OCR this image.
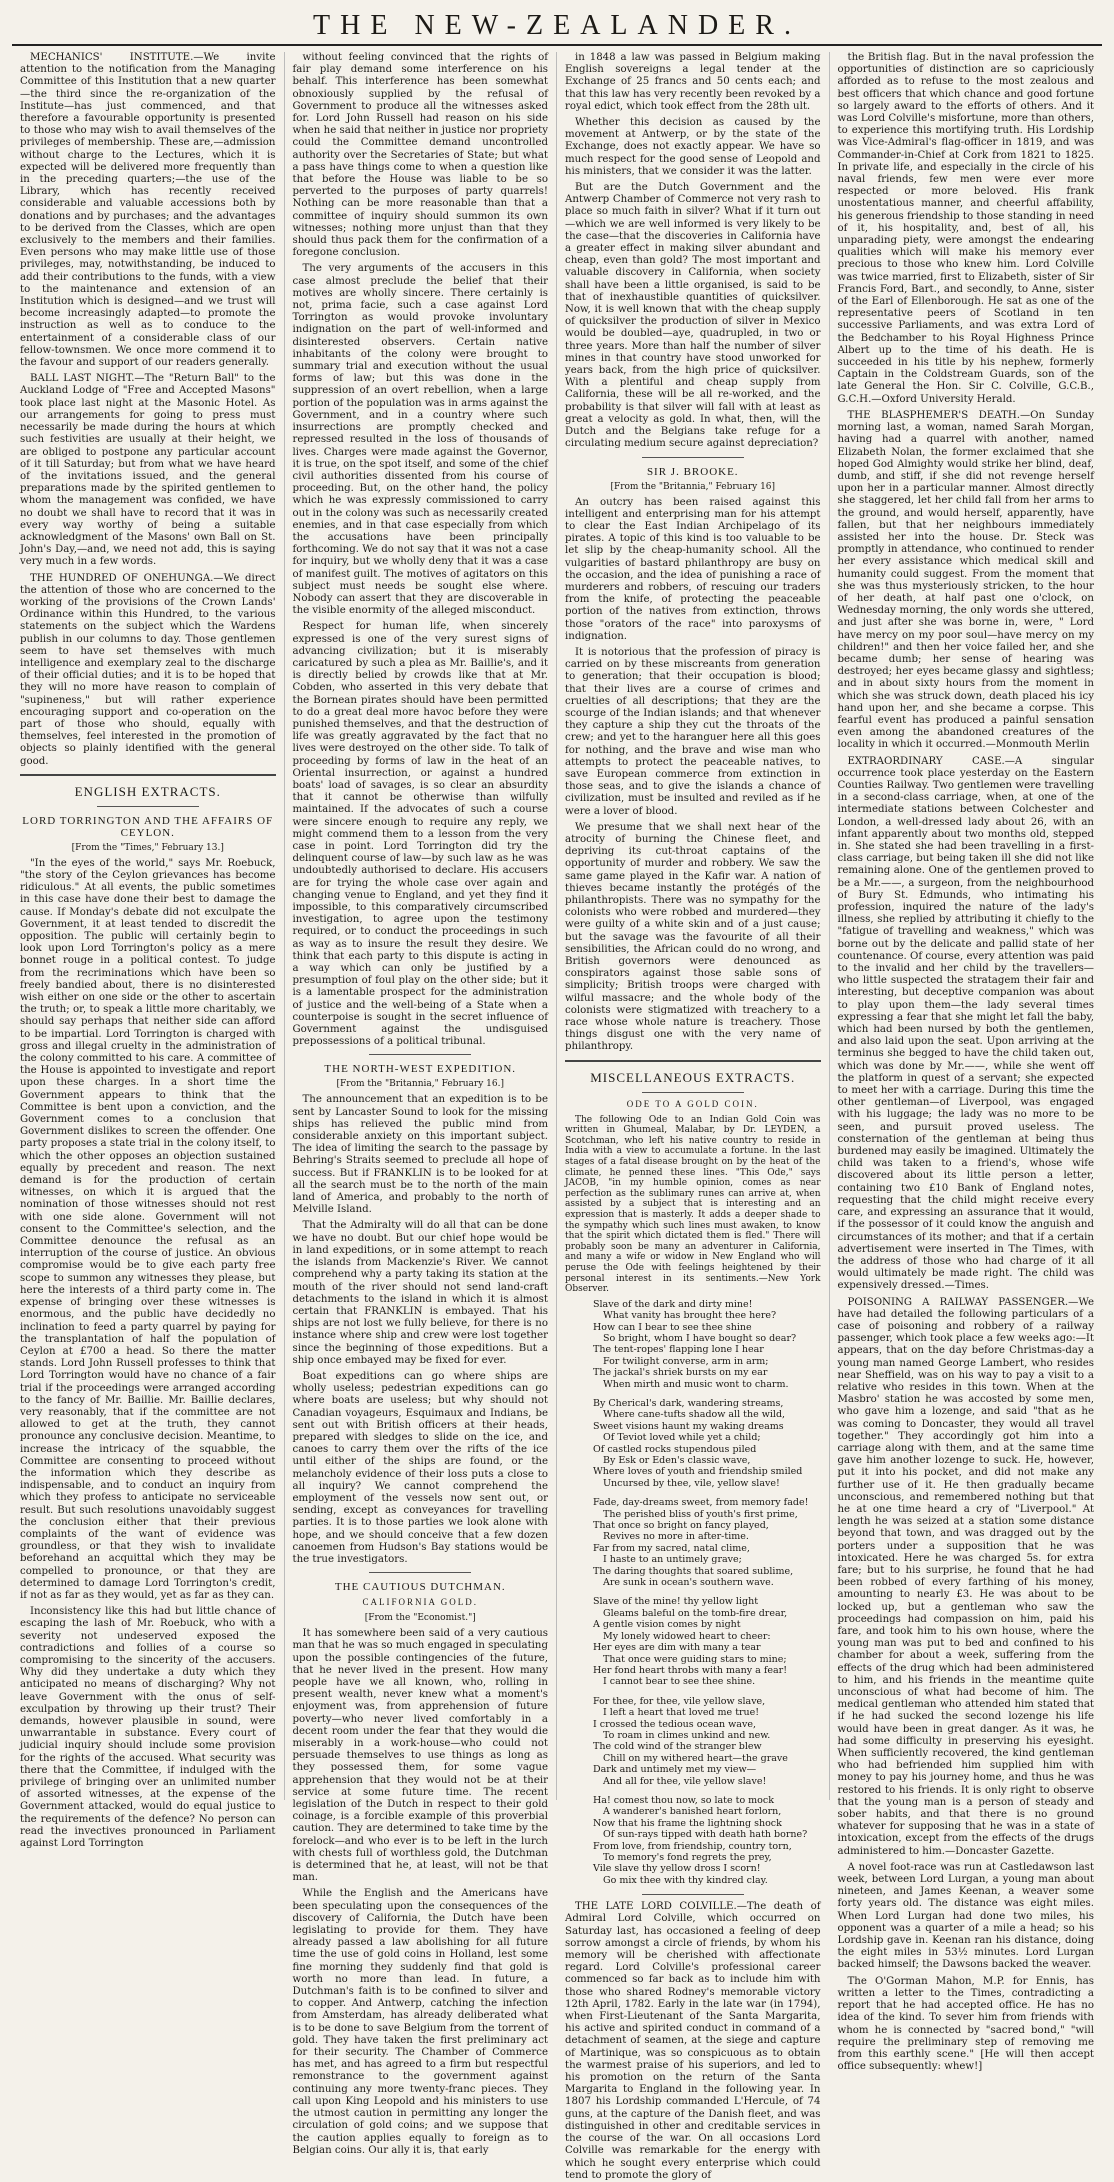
THE NEW-ZEALANDER.

MECHANICS' INSTITUTE.—We invite attention to the notification from the Managing Committee of this Institution that a new quarter—the third since the re-organization of the Institute—has just commenced, and that therefore a favourable opportunity is presented to those who may wish to avail themselves of the privileges of membership. These are,—admission without charge to the Lectures, which it is expected will be delivered more frequently than in the preceding quarters;—the use of the Library, which has recently received considerable and valuable accessions both by donations and by purchases; and the advantages to be derived from the Classes, which are open exclusively to the members and their families. Even persons who may make little use of those privileges, may, notwithstanding, be induced to add their contributions to the funds, with a view to the maintenance and extension of an Institution which is designed—and we trust will become increasingly adapted—to promote the instruction as well as to conduce to the entertainment of a considerable class of our fellow-townsmen. We once more commend it to the favour and support of our readers generally.

BALL LAST NIGHT.—The "Return Ball" to the Auckland Lodge of "Free and Accepted Masons" took place last night at the Masonic Hotel. As our arrangements for going to press must necessarily be made during the hours at which such festivities are usually at their height, we are obliged to postpone any particular account of it till Saturday; but from what we have heard of the invitations issued, and the general preparations made by the spirited gentlemen to whom the management was confided, we have no doubt we shall have to record that it was in every way worthy of being a suitable acknowledgment of the Masons' own Ball on St. John's Day,—and, we need not add, this is saying very much in a few words.

THE HUNDRED OF ONEHUNGA.—We direct the attention of those who are concerned to the working of the provisions of the Crown Lands' Ordinance within this Hundred, to the various statements on the subject which the Wardens publish in our columns to day. Those gentlemen seem to have set themselves with much intelligence and exemplary zeal to the discharge of their official duties; and it is to be hoped that they will no more have reason to complain of "supineness," but will rather experience encouraging support and co-operation on the part of those who should, equally with themselves, feel interested in the promotion of objects so plainly identified with the general good.

ENGLISH EXTRACTS.
LORD TORRINGTON AND THE AFFAIRS OF CEYLON.
[From the "Times," February 13.]

"In the eyes of the world," says Mr. Roebuck, "the story of the Ceylon grievances has become ridiculous." At all events, the public sometimes in this case have done their best to damage the cause. If Monday's debate did not exculpate the Government, it at least tended to discredit the opposition. The public will certainly begin to look upon Lord Torrington's policy as a mere bonnet rouge in a political contest. To judge from the recriminations which have been so freely bandied about, there is no disinterested wish either on one side or the other to ascertain the truth; or, to speak a little more charitably, we should say perhaps that neither side can afford to be impartial. Lord Torrington is charged with gross and illegal cruelty in the administration of the colony committed to his care. A committee of the House is appointed to investigate and report upon these charges. In a short time the Government appears to think that the Committee is bent upon a conviction, and the Government comes to a conclusion that Government dislikes to screen the offender. One party proposes a state trial in the colony itself, to which the other opposes an objection sustained equally by precedent and reason. The next demand is for the production of certain witnesses, on which it is argued that the nomination of those witnesses should not rest with one side alone. Government will not consent to the Committee's selection, and the Committee denounce the refusal as an interruption of the course of justice. An obvious compromise would be to give each party free scope to summon any witnesses they please, but here the interests of a third party come in. The expense of bringing over these witnesses is enormous, and the public have decidedly no inclination to feed a party quarrel by paying for the transplantation of half the population of Ceylon at £700 a head. So there the matter stands. Lord John Russell professes to think that Lord Torrington would have no chance of a fair trial if the proceedings were arranged according to the fancy of Mr. Baillie. Mr. Baillie declares, very reasonably, that if the committee are not allowed to get at the truth, they cannot pronounce any conclusive decision. Meantime, to increase the intricacy of the squabble, the Committee are consenting to proceed without the information which they describe as indispensable, and to conduct an inquiry from which they profess to anticipate no serviceable result. But such resolutions unavoidably suggest the conclusion either that their previous complaints of the want of evidence was groundless, or that they wish to invalidate beforehand an acquittal which they may be compelled to pronounce, or that they are determined to damage Lord Torrington's credit, if not as far as they would, yet as far as they can.

Inconsistency like this had but little chance of escaping the lash of Mr. Roebuck, who with a severity not undeserved exposed the contradictions and follies of a course so compromising to the sincerity of the accusers. Why did they undertake a duty which they anticipated no means of discharging? Why not leave Government with the onus of self-exculpation by throwing up their trust? Their demands, however plausible in sound, were unwarrantable in substance. Every court of judicial inquiry should include some provision for the rights of the accused. What security was there that the Committee, if indulged with the privilege of bringing over an unlimited number of assorted witnesses, at the expense of the Government attacked, would do equal justice to the requirements of the defence? No person can read the invectives pronounced in Parliament against Lord Torrington

without feeling convinced that the rights of fair play demand some interference on his behalf. This interference has been somewhat obnoxiously supplied by the refusal of Government to produce all the witnesses asked for. Lord John Russell had reason on his side when he said that neither in justice nor propriety could the Committee demand uncontrolled authority over the Secretaries of State; but what a pass have things come to when a question like that before the House was liable to be so perverted to the purposes of party quarrels! Nothing can be more reasonable than that a committee of inquiry should summon its own witnesses; nothing more unjust than that they should thus pack them for the confirmation of a foregone conclusion.

The very arguments of the accusers in this case almost preclude the belief that their motives are wholly sincere. There certainly is not, prima facie, such a case against Lord Torrington as would provoke involuntary indignation on the part of well-informed and disinterested observers. Certain native inhabitants of the colony were brought to summary trial and execution without the usual forms of law; but this was done in the suppression of an overt rebellion, when a large portion of the population was in arms against the Government, and in a country where such insurrections are promptly checked and repressed resulted in the loss of thousands of lives. Charges were made against the Governor, it is true, on the spot itself, and some of the chief civil authorities dissented from his course of proceeding. But, on the other hand, the policy which he was expressly commissioned to carry out in the colony was such as necessarily created enemies, and in that case especially from which the accusations have been principally forthcoming. We do not say that it was not a case for inquiry, but we wholly deny that it was a case of manifest guilt. The motives of agitators on this subject must needs be sought else where. Nobody can assert that they are discoverable in the visible enormity of the alleged misconduct.

Respect for human life, when sincerely expressed is one of the very surest signs of advancing civilization; but it is miserably caricatured by such a plea as Mr. Baillie's, and it is directly belied by crowds like that at Mr. Cobden, who asserted in this very debate that the Bornean pirates should have been permitted to do a great deal more havoc before they were punished themselves, and that the destruction of life was greatly aggravated by the fact that no lives were destroyed on the other side. To talk of proceeding by forms of law in the heat of an Oriental insurrection, or against a hundred boats' load of savages, is so clear an absurdity that it cannot be otherwise than wilfully maintained. If the advocates of such a course were sincere enough to require any reply, we might commend them to a lesson from the very case in point. Lord Torrington did try the delinquent course of law—by such law as he was undoubtedly authorised to declare. His accusers are for trying the whole case over again and changing venue to England, and yet they find it impossible, to this comparatively circumscribed investigation, to agree upon the testimony required, or to conduct the proceedings in such as way as to insure the result they desire. We think that each party to this dispute is acting in a way which can only be justified by a presumption of foul play on the other side; but it is a lamentable prospect for the administration of justice and the well-being of a State when a counterpoise is sought in the secret influence of Government against the undisguised prepossessions of a political tribunal.

THE NORTH-WEST EXPEDITION.
[From the "Britannia," February 16.]

The announcement that an expedition is to be sent by Lancaster Sound to look for the missing ships has relieved the public mind from considerable anxiety on this important subject. The idea of limiting the search to the passage by Behring's Straits seemed to preclude all hope of success. But if FRANKLIN is to be looked for at all the search must be to the north of the main land of America, and probably to the north of Melville Island.

That the Admiralty will do all that can be done we have no doubt. But our chief hope would be in land expeditions, or in some attempt to reach the islands from Mackenzie's River. We cannot comprehend why a party taking its station at the mouth of the river should not send land-craft detachments to the island in which it is almost certain that FRANKLIN is embayed. That his ships are not lost we fully believe, for there is no instance where ship and crew were lost together since the beginning of those expeditions. But a ship once embayed may be fixed for ever.

Boat expeditions can go where ships are wholly useless; pedestrian expeditions can go where boats are useless; but why should not Canadian voyageurs, Esquimaux and Indians, be sent out with British officers at their heads, prepared with sledges to slide on the ice, and canoes to carry them over the rifts of the ice until either of the ships are found, or the melancholy evidence of their loss puts a close to all inquiry? We cannot comprehend the employment of the vessels now sent out, or sending, except as conveyances for travelling parties. It is to those parties we look alone with hope, and we should conceive that a few dozen canoemen from Hudson's Bay stations would be the true investigators.

THE CAUTIOUS DUTCHMAN.
CALIFORNIA GOLD.
[From the "Economist."]

It has somewhere been said of a very cautious man that he was so much engaged in speculating upon the possible contingencies of the future, that he never lived in the present. How many people have we all known, who, rolling in present wealth, never knew what a moment's enjoyment was, from apprehension of future poverty—who never lived comfortably in a decent room under the fear that they would die miserably in a work-house—who could not persuade themselves to use things as long as they possessed them, for some vague apprehension that they would not be at their service at some future time. The recent legislation of the Dutch in respect to their gold coinage, is a forcible example of this proverbial caution. They are determined to take time by the forelock—and who ever is to be left in the lurch with chests full of worthless gold, the Dutchman is determined that he, at least, will not be that man.

While the English and the Americans have been speculating upon the consequences of the discovery of California, the Dutch have been legislating to provide for them. They have already passed a law abolishing for all future time the use of gold coins in Holland, lest some fine morning they suddenly find that gold is worth no more than lead. In future, a Dutchman's faith is to be confined to silver and to copper. And Antwerp, catching the infection from Amsterdam, has already deliberated what is to be done to save Belgium from the torrent of gold. They have taken the first preliminary act for their security. The Chamber of Commerce has met, and has agreed to a firm but respectful remonstrance to the government against continuing any more twenty-franc pieces. They call upon King Leopold and his ministers to use the utmost caution in permitting any longer the circulation of gold coins; and we suppose that the caution applies equally to foreign as to Belgian coins. Our ally it is, that early

in 1848 a law was passed in Belgium making English sovereigns a legal tender at the Exchange of 25 francs and 50 cents each; and that this law has very recently been revoked by a royal edict, which took effect from the 28th ult.

Whether this decision as caused by the movement at Antwerp, or by the state of the Exchange, does not exactly appear. We have so much respect for the good sense of Leopold and his ministers, that we consider it was the latter.

But are the Dutch Government and the Antwerp Chamber of Commerce not very rash to place so much faith in silver? What if it turn out—which we are well informed is very likely to be the case—that the discoveries in California have a greater effect in making silver abundant and cheap, even than gold? The most important and valuable discovery in California, when society shall have been a little organised, is said to be that of inexhaustible quantities of quicksilver. Now, it is well known that with the cheap supply of quicksilver the production of silver in Mexico would be doubled—aye, quadrupled, in two or three years. More than half the number of silver mines in that country have stood unworked for years back, from the high price of quicksilver. With a plentiful and cheap supply from California, these will be all re-worked, and the probability is that silver will fall with at least as great a velocity as gold. In what, then, will the Dutch and the Belgians take refuge for a circulating medium secure against depreciation?

SIR J. BROOKE.
[From the "Britannia," February 16]

An outcry has been raised against this intelligent and enterprising man for his attempt to clear the East Indian Archipelago of its pirates. A topic of this kind is too valuable to be let slip by the cheap-humanity school. All the vulgarities of bastard philanthropy are busy on the occasion, and the idea of punishing a race of murderers and robbers, of rescuing our traders from the knife, of protecting the peaceable portion of the natives from extinction, throws those "orators of the race" into paroxysms of indignation.

It is notorious that the profession of piracy is carried on by these miscreants from generation to generation; that their occupation is blood; that their lives are a course of crimes and cruelties of all descriptions; that they are the scourge of the Indian islands; and that whenever they capture a ship they cut the throats of the crew; and yet to the haranguer here all this goes for nothing, and the brave and wise man who attempts to protect the peaceable natives, to save European commerce from extinction in those seas, and to give the islands a chance of civilization, must be insulted and reviled as if he were a lover of blood.

We presume that we shall next hear of the atrocity of burning the Chinese fleet, and depriving its cut-throat captains of the opportunity of murder and robbery. We saw the same game played in the Kafir war. A nation of thieves became instantly the protégés of the philanthropists. There was no sympathy for the colonists who were robbed and murdered—they were guilty of a white skin and of a just cause; but the savage was the favourite of all their sensibilities, the African could do no wrong, and British governors were denounced as conspirators against those sable sons of simplicity; British troops were charged with wilful massacre; and the whole body of the colonists were stigmatized with treachery to a race whose whole nature is treachery. Those things disgust one with the very name of philanthropy.

MISCELLANEOUS EXTRACTS.
ODE TO A GOLD COIN.

The following Ode to an Indian Gold Coin was written in Ghumeal, Malabar, by Dr. LEYDEN, a Scotchman, who left his native country to reside in India with a view to accumulate a fortune. In the last stages of a fatal disease brought on by the heat of the climate, he penned these lines. "This Ode," says JACOB, "in my humble opinion, comes as near perfection as the sublimary runes can arrive at, when assisted by a subject that is interesting and an expression that is masterly. It adds a deeper shade to the sympathy which such lines must awaken, to know that the spirit which dictated them is fled." There will probably soon be many an adventurer in California, and many a wife or widow in New England who will peruse the Ode with feelings heightened by their personal interest in its sentiments.—New York Observer.

Slave of the dark and dirty mine!
What vanity has brought thee here?
How can I bear to see thee shine
So bright, whom I have bought so dear?
The tent-ropes' flapping lone I hear
For twilight converse, arm in arm;
The jackal's shriek bursts on my ear
When mirth and music wont to charm.
By Cherical's dark, wandering streams,
Where cane-tufts shadow all the wild,
Sweet visions haunt my waking dreams
Of Teviot loved while yet a child;
Of castled rocks stupendous piled
By Esk or Eden's classic wave,
Where loves of youth and friendship smiled
Uncursed by thee, vile, yellow slave!
Fade, day-dreams sweet, from memory fade!
The perished bliss of youth's first prime,
That once so bright on fancy played,
Revives no more in after-time.
Far from my sacred, natal clime,
I haste to an untimely grave;
The daring thoughts that soared sublime,
Are sunk in ocean's southern wave.
Slave of the mine! thy yellow light
Gleams baleful on the tomb-fire drear,
A gentle vision comes by night
My lonely widowed heart to cheer:
Her eyes are dim with many a tear
That once were guiding stars to mine;
Her fond heart throbs with many a fear!
I cannot bear to see thee shine.
For thee, for thee, vile yellow slave,
I left a heart that loved me true!
I crossed the tedious ocean wave,
To roam in climes unkind and new.
The cold wind of the stranger blew
Chill on my withered heart—the grave
Dark and untimely met my view—
And all for thee, vile yellow slave!
Ha! comest thou now, so late to mock
A wanderer's banished heart forlorn,
Now that his frame the lightning shock
Of sun-rays tipped with death hath borne?
From love, from friendship, country torn,
To memory's fond regrets the prey,
Vile slave thy yellow dross I scorn!
Go mix thee with thy kindred clay.

THE LATE LORD COLVILLE.—The death of Admiral Lord Colville, which occurred on Saturday last, has occasioned a feeling of deep sorrow amongst a circle of friends, by whom his memory will be cherished with affectionate regard. Lord Colville's professional career commenced so far back as to include him with those who shared Rodney's memorable victory 12th April, 1782. Early in the late war (in 1794), when First-Lieutenant of the Santa Margarita, his active and spirited conduct in command of a detachment of seamen, at the siege and capture of Martinique, was so conspicuous as to obtain the warmest praise of his superiors, and led to his promotion on the return of the Santa Margarita to England in the following year. In 1807 his Lordship commanded L'Hercule, of 74 guns, at the capture of the Danish fleet, and was distinguished in other and creditable services in the course of the war. On all occasions Lord Colville was remarkable for the energy with which he sought every enterprise which could tend to promote the glory of

the British flag. But in the naval profession the opportunities of distinction are so capriciously afforded as to refuse to the most zealous and best officers that which chance and good fortune so largely award to the efforts of others. And it was Lord Colville's misfortune, more than others, to experience this mortifying truth. His Lordship was Vice-Admiral's flag-officer in 1819, and was Commander-in-Chief at Cork from 1821 to 1825. In private life, and especially in the circle of his naval friends, few men were ever more respected or more beloved. His frank unostentatious manner, and cheerful affability, his generous friendship to those standing in need of it, his hospitality, and, best of all, his unparading piety, were amongst the endearing qualities which will make his memory ever precious to those who knew him. Lord Colville was twice married, first to Elizabeth, sister of Sir Francis Ford, Bart., and secondly, to Anne, sister of the Earl of Ellenborough. He sat as one of the representative peers of Scotland in ten successive Parliaments, and was extra Lord of the Bedchamber to his Royal Highness Prince Albert up to the time of his death. He is succeeded in his title by his nephew, formerly Captain in the Coldstream Guards, son of the late General the Hon. Sir C. Colville, G.C.B., G.C.H.—Oxford University Herald.

THE BLASPHEMER'S DEATH.—On Sunday morning last, a woman, named Sarah Morgan, having had a quarrel with another, named Elizabeth Nolan, the former exclaimed that she hoped God Almighty would strike her blind, deaf, dumb, and stiff, if she did not revenge herself upon her in a particular manner. Almost directly she staggered, let her child fall from her arms to the ground, and would herself, apparently, have fallen, but that her neighbours immediately assisted her into the house. Dr. Steck was promptly in attendance, who continued to render her every assistance which medical skill and humanity could suggest. From the moment that she was thus mysteriously stricken, to the hour of her death, at half past one o'clock, on Wednesday morning, the only words she uttered, and just after she was borne in, were, " Lord have mercy on my poor soul—have mercy on my children!" and then her voice failed her, and she became dumb; her sense of hearing was destroyed; her eyes became glassy and sightless; and in about sixty hours from the moment in which she was struck down, death placed his icy hand upon her, and she became a corpse. This fearful event has produced a painful sensation even among the abandoned creatures of the locality in which it occurred.—Monmouth Merlin

EXTRAORDINARY CASE.—A singular occurrence took place yesterday on the Eastern Counties Railway. Two gentlemen were travelling in a second-class carriage, when, at one of the intermediate stations between Colchester and London, a well-dressed lady about 26, with an infant apparently about two months old, stepped in. She stated she had been travelling in a first-class carriage, but being taken ill she did not like remaining alone. One of the gentlemen proved to be a Mr.——, a surgeon, from the neighbourhood of Bury St. Edmunds, who intimating his profession, inquired the nature of the lady's illness, she replied by attributing it chiefly to the "fatigue of travelling and weakness," which was borne out by the delicate and pallid state of her countenance. Of course, every attention was paid to the invalid and her child by the travellers—who little suspected the stratagem their fair and interesting, but deceptive companion was about to play upon them—the lady several times expressing a fear that she might let fall the baby, which had been nursed by both the gentlemen, and also laid upon the seat. Upon arriving at the terminus she begged to have the child taken out, which was done by Mr.——, while she went off the platform in quest of a servant; she expected to meet her with a carriage. During this time the other gentleman—of Liverpool, was engaged with his luggage; the lady was no more to be seen, and pursuit proved useless. The consternation of the gentleman at being thus burdened may easily be imagined. Ultimately the child was taken to a friend's, whose wife discovered about its little person a letter, containing two £10 Bank of England notes, requesting that the child might receive every care, and expressing an assurance that it would, if the possessor of it could know the anguish and circumstances of its mother; and that if a certain advertisement were inserted in The Times, with the address of those who had charge of it all would ultimately be made right. The child was expensively dressed.—Times.

POISONING A RAILWAY PASSENGER.—We have had detailed the following particulars of a case of poisoning and robbery of a railway passenger, which took place a few weeks ago:—It appears, that on the day before Christmas-day a young man named George Lambert, who resides near Sheffield, was on his way to pay a visit to a relative who resides in this town. When at the Masbro' station he was accosted by some men, who gave him a lozenge, and said "that as he was coming to Doncaster, they would all travel together." They accordingly got him into a carriage along with them, and at the same time gave him another lozenge to suck. He, however, put it into his pocket, and did not make any further use of it. He then gradually became unconscious, and remembered nothing but that he at one time heard a cry of "Liverpool." At length he was seized at a station some distance beyond that town, and was dragged out by the porters under a supposition that he was intoxicated. Here he was charged 5s. for extra fare; but to his surprise, he found that he had been robbed of every farthing of his money, amounting to nearly £3. He was about to be locked up, but a gentleman who saw the proceedings had compassion on him, paid his fare, and took him to his own house, where the young man was put to bed and confined to his chamber for about a week, suffering from the effects of the drug which had been administered to him, and his friends in the meantime quite unconscious of what had become of him. The medical gentleman who attended him stated that if he had sucked the second lozenge his life would have been in great danger. As it was, he had some difficulty in preserving his eyesight. When sufficiently recovered, the kind gentleman who had befriended him supplied him with money to pay his journey home, and thus he was restored to his friends. It is only right to observe that the young man is a person of steady and sober habits, and that there is no ground whatever for supposing that he was in a state of intoxication, except from the effects of the drugs administered to him.—Doncaster Gazette.

A novel foot-race was run at Castledawson last week, between Lord Lurgan, a young man about nineteen, and James Keenan, a weaver some forty years old. The distance was eight miles. When Lord Lurgan had done two miles, his opponent was a quarter of a mile a head; so his Lordship gave in. Keenan ran his distance, doing the eight miles in 53½ minutes. Lord Lurgan backed himself; the Dawsons backed the weaver.

The O'Gorman Mahon, M.P. for Ennis, has written a letter to the Times, contradicting a report that he had accepted office. He has no idea of the kind. To sever him from friends with whom he is connected by "sacred bond," "will require the preliminary step of removing me from this earthly scene." [He will then accept office subsequently: whew!]
